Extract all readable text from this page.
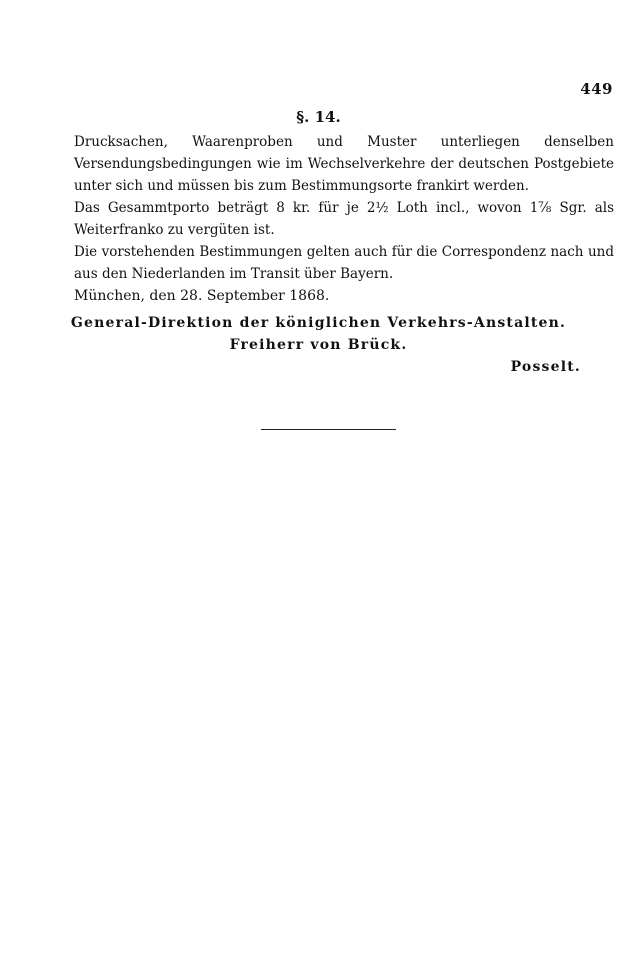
449
§. 14.

Drucksachen, Waarenproben und Muster unterliegen denselben Versendungsbedingungen wie im Wechselverkehre der deutschen Postgebiete unter sich und müssen bis zum Bestimmungsorte frankirt werden.

Das Gesammtporto beträgt 8 kr. für je 2½ Loth incl., wovon 1⅞ Sgr. als Weiterfranko zu vergüten ist.

Die vorstehenden Bestimmungen gelten auch für die Correspondenz nach und aus den Niederlanden im Transit über Bayern.

München, den 28. September 1868.

General-Direktion der königlichen Verkehrs-Anstalten.
Freiherr von Brück.
Posselt.
